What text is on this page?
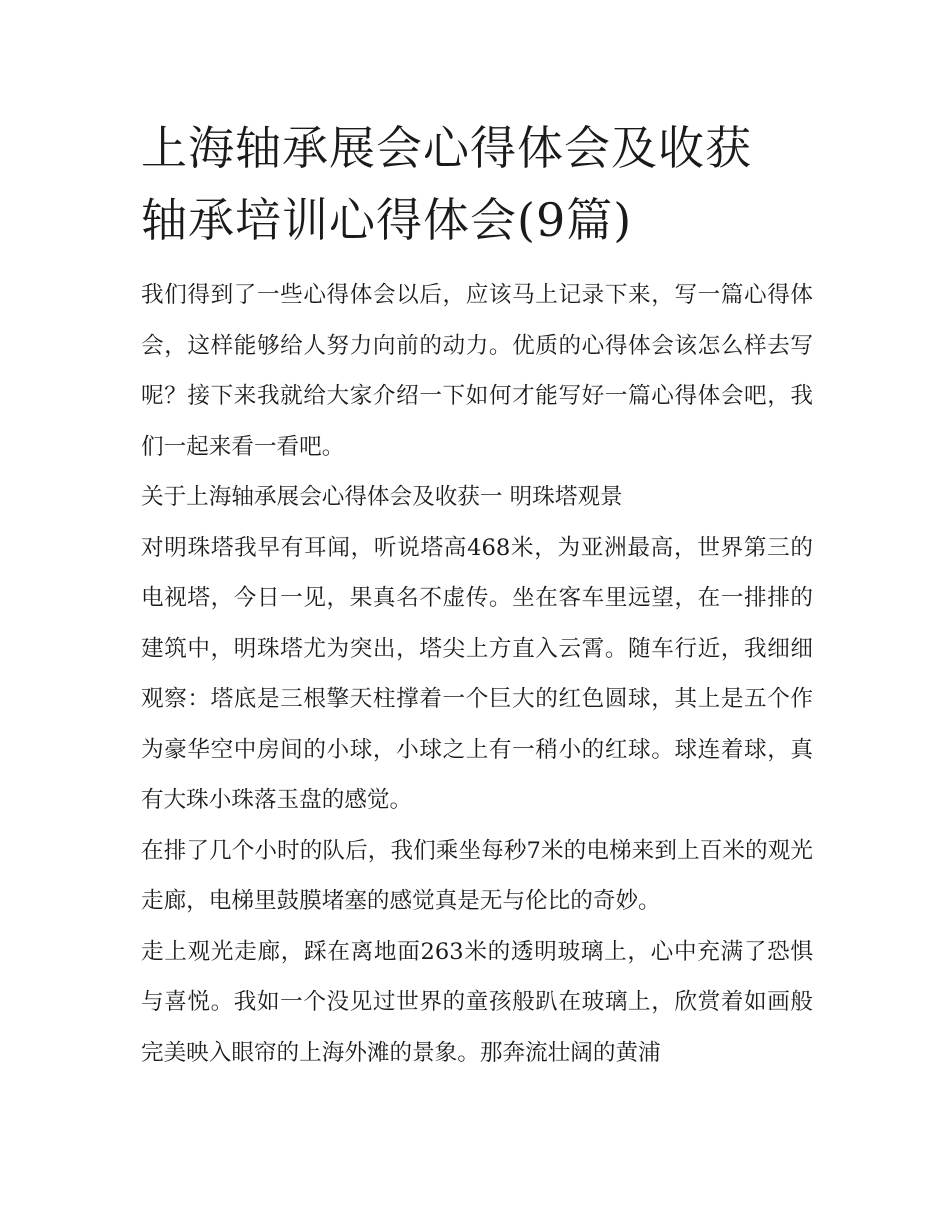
上海轴承展会心得体会及收获
轴承培训心得体会(9篇)

我们得到了一些心得体会以后，应该马上记录下来，写一篇心得体会，这样能够给人努力向前的动力。优质的心得体会该怎么样去写呢？接下来我就给大家介绍一下如何才能写好一篇心得体会吧，我们一起来看一看吧。

关于上海轴承展会心得体会及收获一 明珠塔观景

对明珠塔我早有耳闻，听说塔高468米，为亚洲最高，世界第三的电视塔，今日一见，果真名不虚传。坐在客车里远望，在一排排的建筑中，明珠塔尤为突出，塔尖上方直入云霄。随车行近，我细细观察：塔底是三根擎天柱撑着一个巨大的红色圆球，其上是五个作为豪华空中房间的小球，小球之上有一稍小的红球。球连着球，真有大珠小珠落玉盘的感觉。

在排了几个小时的队后，我们乘坐每秒7米的电梯来到上百米的观光走廊，电梯里鼓膜堵塞的感觉真是无与伦比的奇妙。

走上观光走廊，踩在离地面263米的透明玻璃上，心中充满了恐惧与喜悦。我如一个没见过世界的童孩般趴在玻璃上，欣赏着如画般完美映入眼帘的上海外滩的景象。那奔流壮阔的黄浦
